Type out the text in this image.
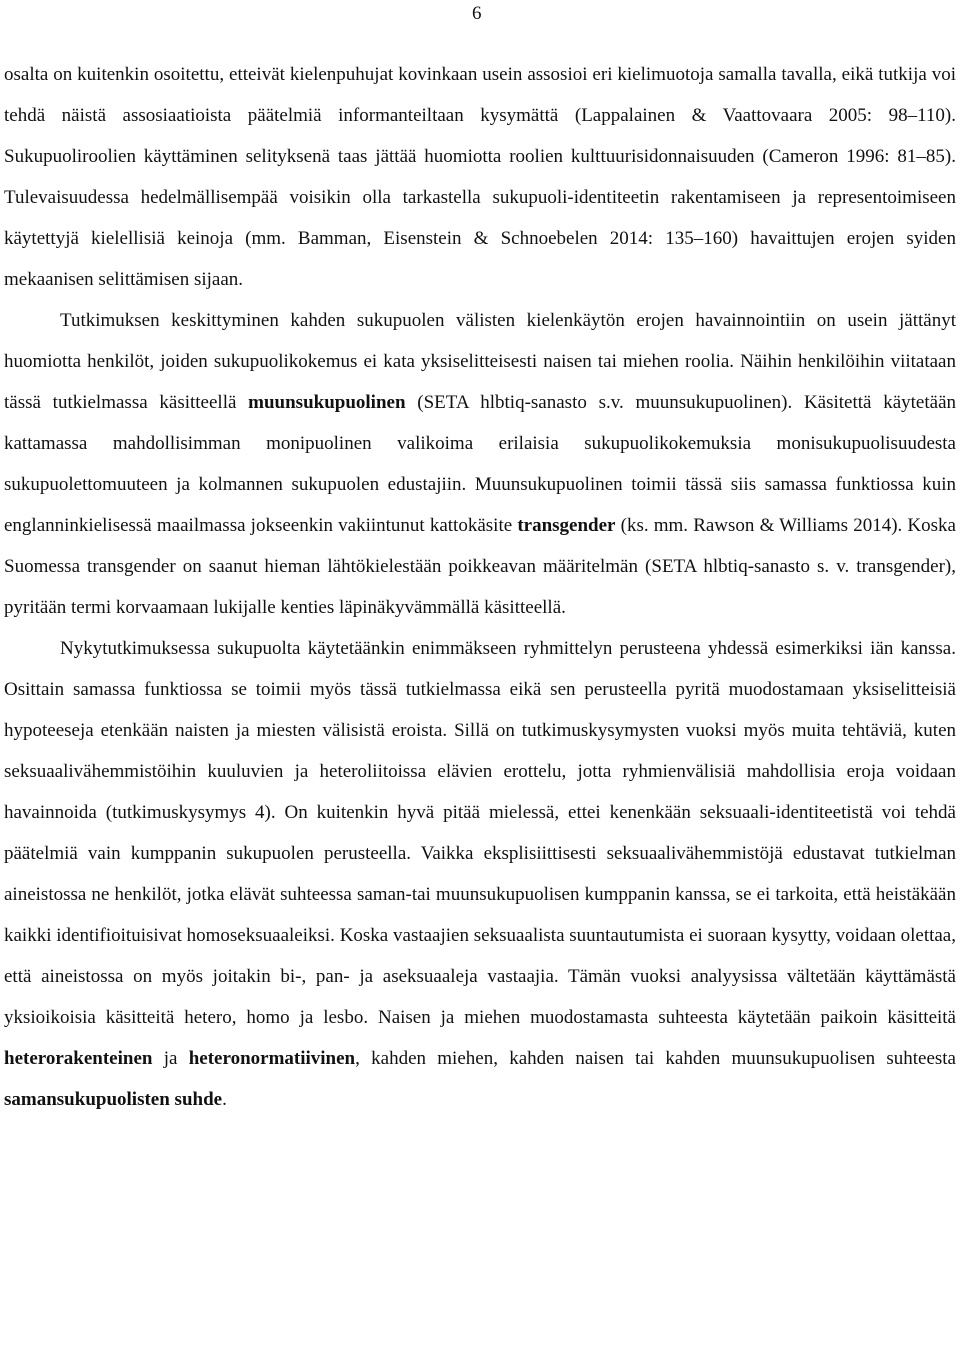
6

osalta on kuitenkin osoitettu, etteivät kielenpuhujat kovinkaan usein assosioi eri kielimuotoja samalla tavalla, eikä tutkija voi tehdä näistä assosiaatioista päätelmiä informanteiltaan kysymättä (Lappalainen & Vaattovaara 2005: 98–110). Sukupuoliroolien käyttäminen selityksenä taas jättää huomiotta roolien kulttuurisidonnaisuuden (Cameron 1996: 81–85). Tulevaisuudessa hedelmällisempää voisikin olla tarkastella sukupuoli-identiteetin rakentamiseen ja representoimiseen käytettyjä kielellisiä keinoja (mm. Bamman, Eisenstein & Schnoebelen 2014: 135–160) havaittujen erojen syiden mekaanisen selittämisen sijaan.

Tutkimuksen keskittyminen kahden sukupuolen välisten kielenkäytön erojen havainnointiin on usein jättänyt huomiotta henkilöt, joiden sukupuolikokemus ei kata yksiselitteisesti naisen tai miehen roolia. Näihin henkilöihin viitataan tässä tutkielmassa käsitteellä muunsukupuolinen (SETA hlbtiq-sanasto s.v. muunsukupuolinen). Käsitettä käytetään kattamassa mahdollisimman monipuolinen valikoima erilaisia sukupuolikokemuksia monisukupuolisuudesta sukupuolettomuuteen ja kolmannen sukupuolen edustajiin. Muunsukupuolinen toimii tässä siis samassa funktiossa kuin englanninkielisessä maailmassa jokseenkin vakiintunut kattokäsite transgender (ks. mm. Rawson & Williams 2014). Koska Suomessa transgender on saanut hieman lähtökielestään poikkeavan määritelmän (SETA hlbtiq-sanasto s. v. transgender), pyritään termi korvaamaan lukijalle kenties läpinäkyvämmällä käsitteellä.

Nykytutkimuksessa sukupuolta käytetäänkin enimmäkseen ryhmittelyn perusteena yhdessä esimerkiksi iän kanssa. Osittain samassa funktiossa se toimii myös tässä tutkielmassa eikä sen perusteella pyritä muodostamaan yksiselitteisiä hypoteeseja etenkään naisten ja miesten välisistä eroista. Sillä on tutkimuskysymysten vuoksi myös muita tehtäviä, kuten seksuaalivähemmistöihin kuuluvien ja heteroliitoissa elävien erottelu, jotta ryhmienvälisiä mahdollisia eroja voidaan havainnoida (tutkimuskysymys 4). On kuitenkin hyvä pitää mielessä, ettei kenenkään seksuaali-identiteetistä voi tehdä päätelmiä vain kumppanin sukupuolen perusteella. Vaikka eksplisiittisesti seksuaalivähemmistöjä edustavat tutkielman aineistossa ne henkilöt, jotka elävät suhteessa saman-tai muunsukupuolisen kumppanin kanssa, se ei tarkoita, että heistäkään kaikki identifioituisivat homoseksuaaleiksi. Koska vastaajien seksuaalista suuntautumista ei suoraan kysytty, voidaan olettaa, että aineistossa on myös joitakin bi-, pan- ja aseksuaaleja vastaajia. Tämän vuoksi analyysissa vältetään käyttämästä yksioikoisia käsitteitä hetero, homo ja lesbo. Naisen ja miehen muodostamasta suhteesta käytetään paikoin käsitteitä heterorakenteinen ja heteronormatiivinen, kahden miehen, kahden naisen tai kahden muunsukupuolisen suhteesta samansukupuolisten suhde.
